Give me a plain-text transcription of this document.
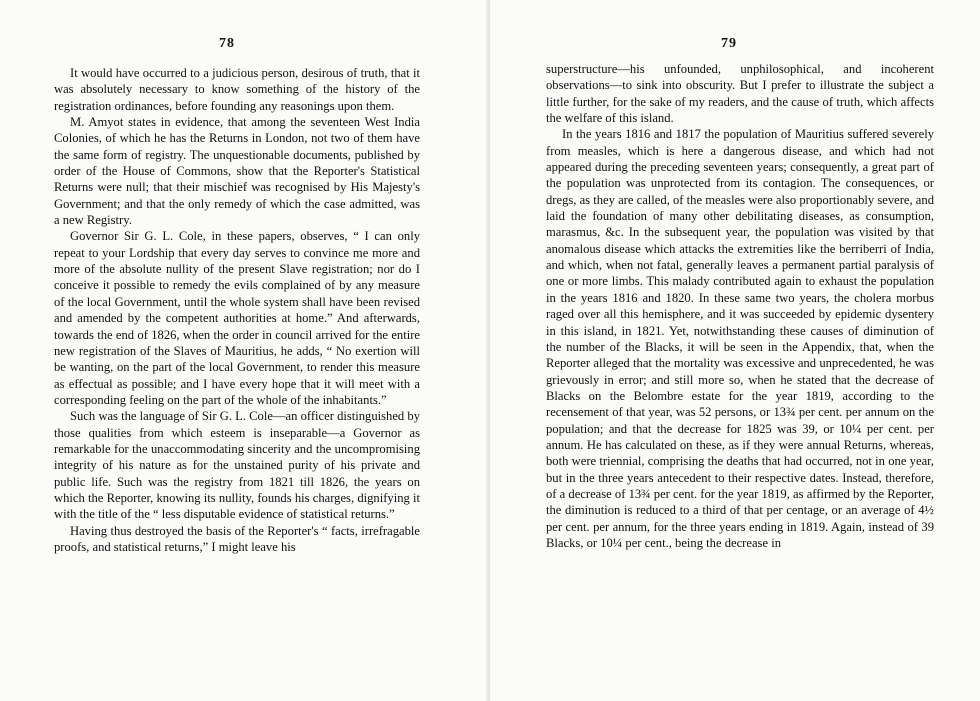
78

It would have occurred to a judicious person, desirous of truth, that it was absolutely necessary to know something of the history of the registration ordinances, before founding any reasonings upon them.

M. Amyot states in evidence, that among the seventeen West India Colonies, of which he has the Returns in London, not two of them have the same form of registry. The unquestionable documents, published by order of the House of Commons, show that the Reporter's Statistical Returns were null; that their mischief was recognised by His Majesty's Government; and that the only remedy of which the case admitted, was a new Registry.

Governor Sir G. L. Cole, in these papers, observes, “ I can only repeat to your Lordship that every day serves to convince me more and more of the absolute nullity of the present Slave registration; nor do I conceive it possible to remedy the evils complained of by any measure of the local Government, until the whole system shall have been revised and amended by the competent authorities at home.” And afterwards, towards the end of 1826, when the order in council arrived for the entire new registration of the Slaves of Mauritius, he adds, “ No exertion will be wanting, on the part of the local Government, to render this measure as effectual as possible; and I have every hope that it will meet with a corresponding feeling on the part of the whole of the inhabitants.”

Such was the language of Sir G. L. Cole—an officer distinguished by those qualities from which esteem is inseparable—a Governor as remarkable for the unaccommodating sincerity and the uncompromising integrity of his nature as for the unstained purity of his private and public life. Such was the registry from 1821 till 1826, the years on which the Reporter, knowing its nullity, founds his charges, dignifying it with the title of the “ less disputable evidence of statistical returns.”

Having thus destroyed the basis of the Reporter's “ facts, irrefragable proofs, and statistical returns,” I might leave his

79

superstructure—his unfounded, unphilosophical, and incoherent observations—to sink into obscurity. But I prefer to illustrate the subject a little further, for the sake of my readers, and the cause of truth, which affects the welfare of this island.

In the years 1816 and 1817 the population of Mauritius suffered severely from measles, which is here a dangerous disease, and which had not appeared during the preceding seventeen years; consequently, a great part of the population was unprotected from its contagion. The consequences, or dregs, as they are called, of the measles were also proportionably severe, and laid the foundation of many other debilitating diseases, as consumption, marasmus, &c. In the subsequent year, the population was visited by that anomalous disease which attacks the extremities like the berriberri of India, and which, when not fatal, generally leaves a permanent partial paralysis of one or more limbs. This malady contributed again to exhaust the population in the years 1816 and 1820. In these same two years, the cholera morbus raged over all this hemisphere, and it was succeeded by epidemic dysentery in this island, in 1821. Yet, notwithstanding these causes of diminution of the number of the Blacks, it will be seen in the Appendix, that, when the Reporter alleged that the mortality was excessive and unprecedented, he was grievously in error; and still more so, when he stated that the decrease of Blacks on the Belombre estate for the year 1819, according to the recensement of that year, was 52 persons, or 13¾ per cent. per annum on the population; and that the decrease for 1825 was 39, or 10¼ per cent. per annum. He has calculated on these, as if they were annual Returns, whereas, both were triennial, comprising the deaths that had occurred, not in one year, but in the three years antecedent to their respective dates. Instead, therefore, of a decrease of 13¾ per cent. for the year 1819, as affirmed by the Reporter, the diminution is reduced to a third of that per centage, or an average of 4½ per cent. per annum, for the three years ending in 1819. Again, instead of 39 Blacks, or 10¼ per cent., being the decrease in
